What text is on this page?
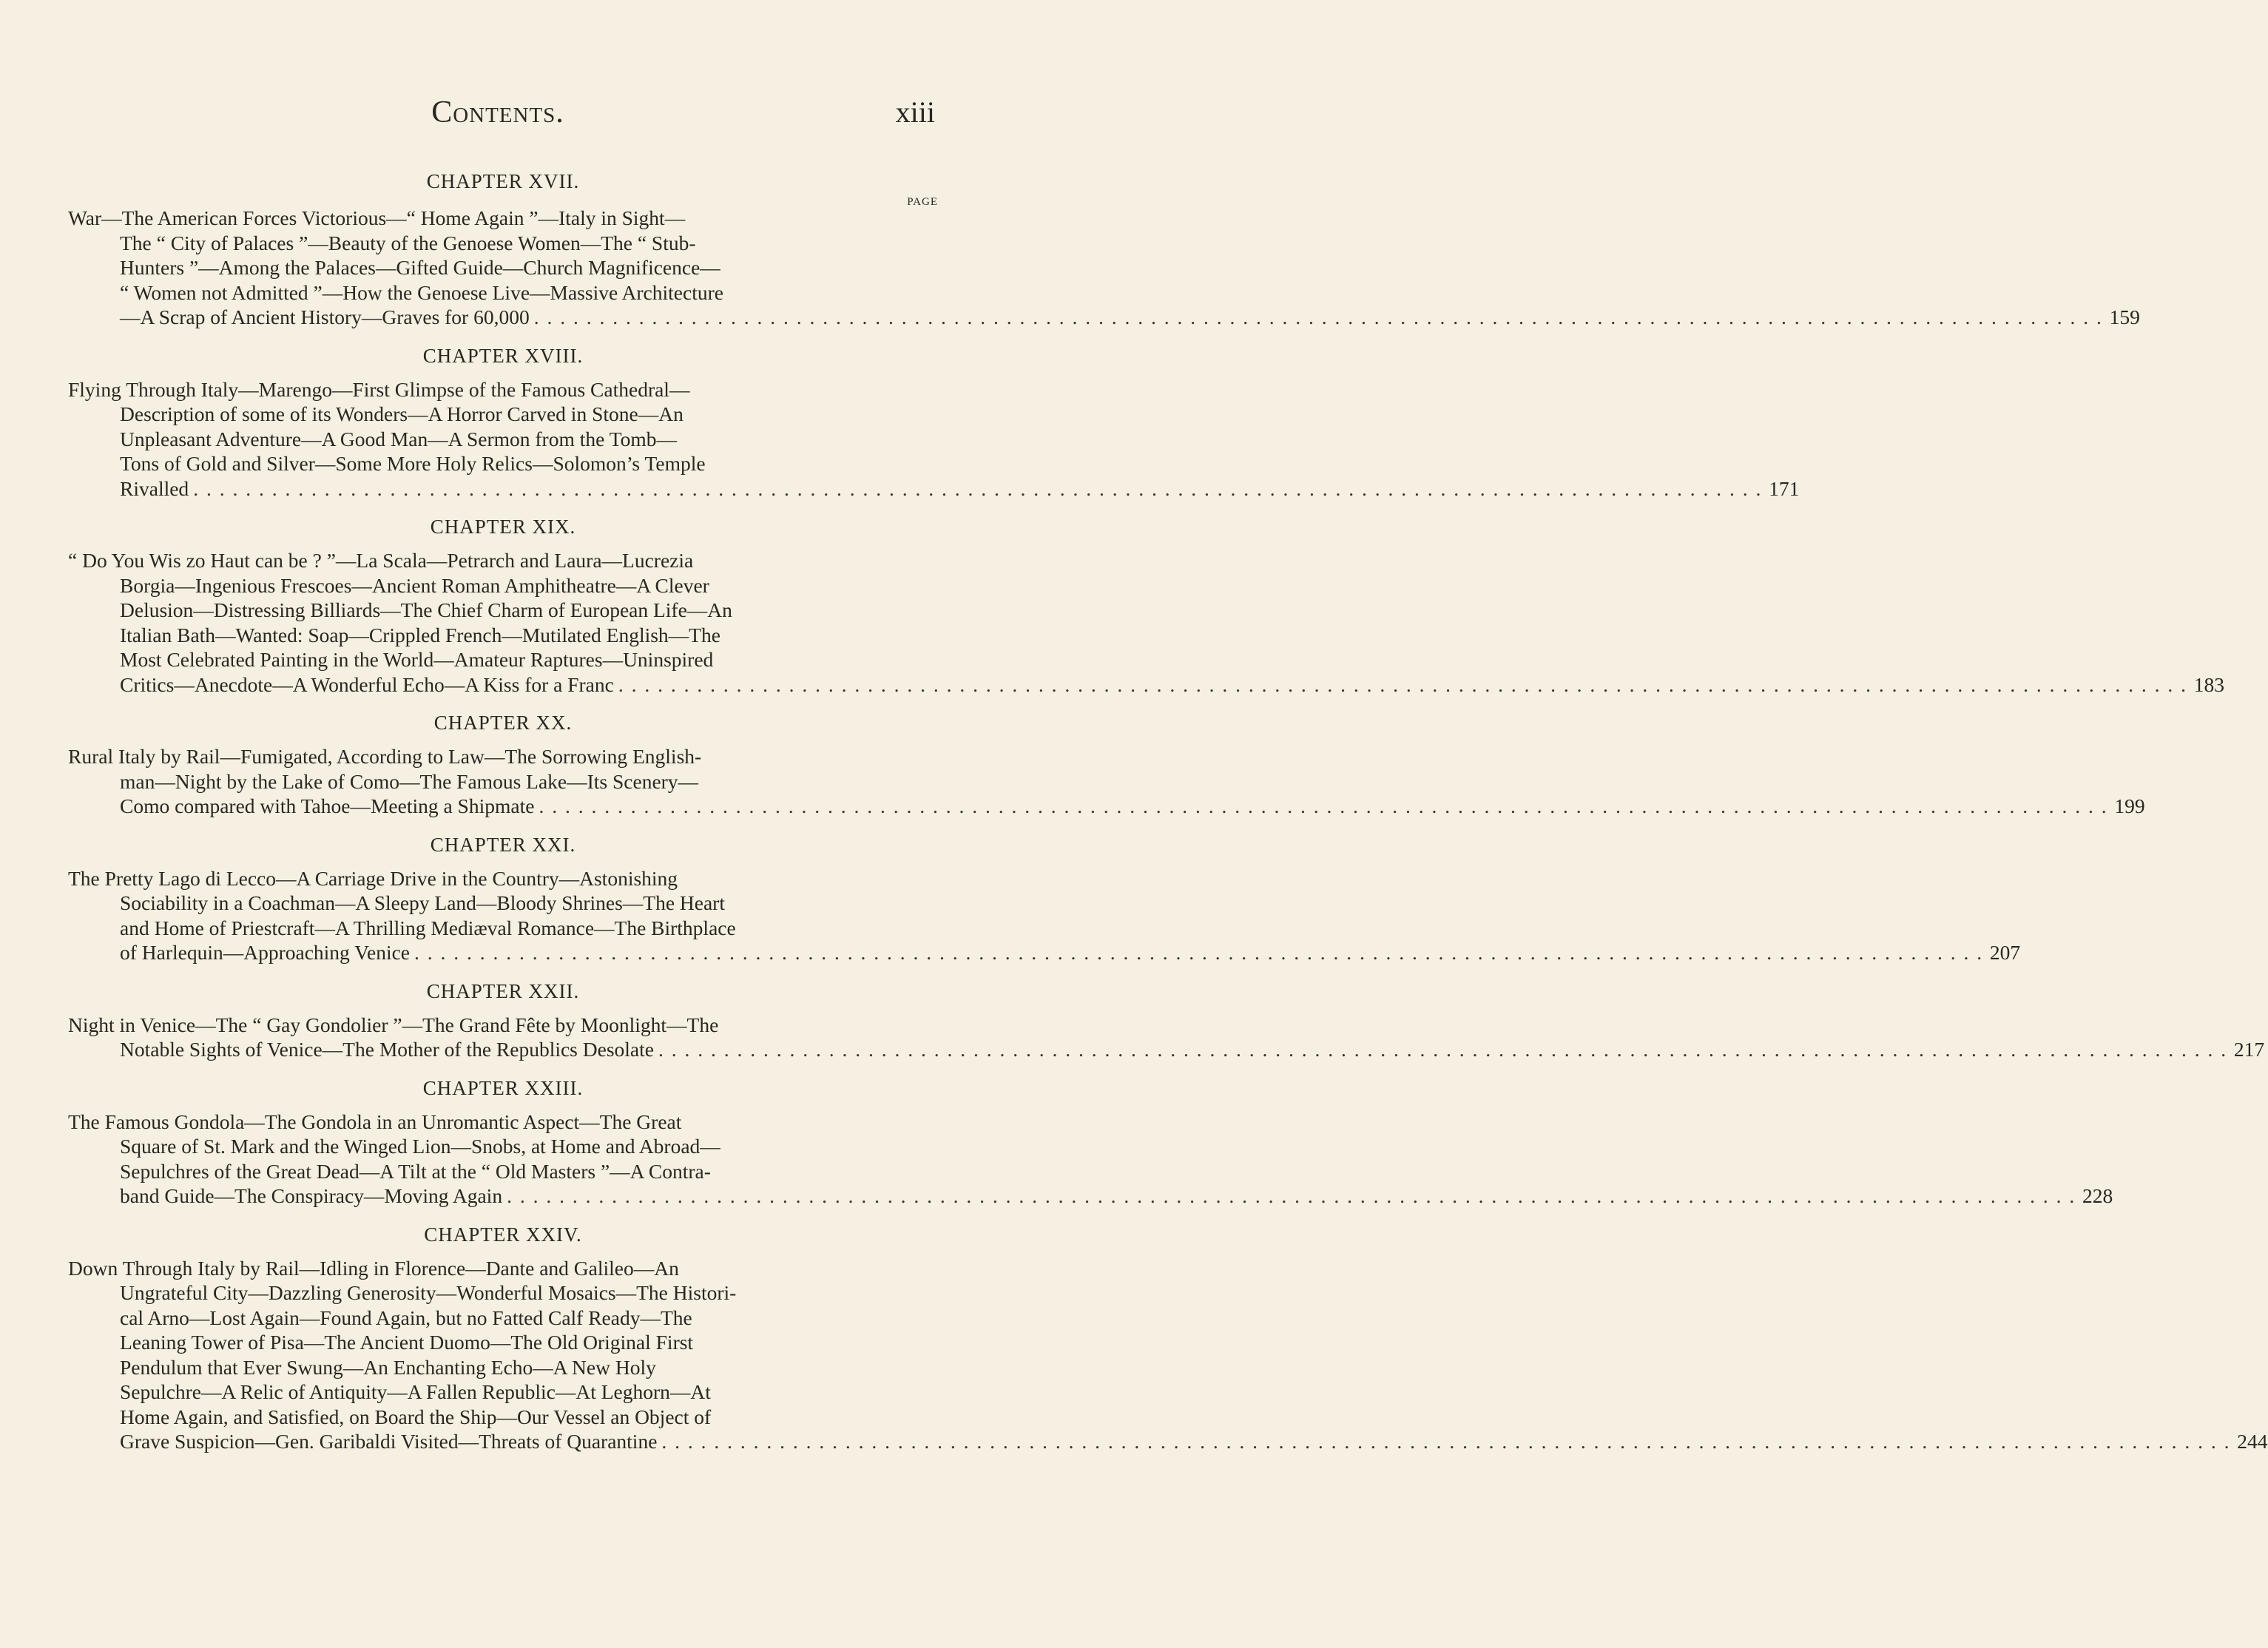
Contents.	xiii
CHAPTER XVII.
PAGE
War—The American Forces Victorious—“ Home Again ”—Italy in Sight—
The “ City of Palaces ”—Beauty of the Genoese Women—The “ Stub-
Hunters ”—Among the Palaces—Gifted Guide—Church Magnificence—
“ Women not Admitted ”—How the Genoese Live—Massive Architecture
—A Scrap of Ancient History—Graves for 60,000 . . . . . . . . . . . . . . . . . . . . . . . . . . . . . . . . . . . . . . . . . . . . . . . . . . . . . . . . . . . . . . . . . . . . . . . . . . . . . . . . . . . . . . . . . . . . . . . . . . . . . . . . . . . . . . . . . . . . . . . . 159
CHAPTER XVIII.
Flying Through Italy—Marengo—First Glimpse of the Famous Cathedral—
Description of some of its Wonders—A Horror Carved in Stone—An
Unpleasant Adventure—A Good Man—A Sermon from the Tomb—
Tons of Gold and Silver—Some More Holy Relics—Solomon’s Temple
Rivalled . . . . . . . . . . . . . . . . . . . . . . . . . . . . . . . . . . . . . . . . . . . . . . . . . . . . . . . . . . . . . . . . . . . . . . . . . . . . . . . . . . . . . . . . . . . . . . . . . . . . . . . . . . . . . . . . . . . . . . . . 171
CHAPTER XIX.
“ Do You Wis zo Haut can be ? ”—La Scala—Petrarch and Laura—Lucrezia
Borgia—Ingenious Frescoes—Ancient Roman Amphitheatre—A Clever
Delusion—Distressing Billiards—The Chief Charm of European Life—An
Italian Bath—Wanted: Soap—Crippled French—Mutilated English—The
Most Celebrated Painting in the World—Amateur Raptures—Uninspired
Critics—Anecdote—A Wonderful Echo—A Kiss for a Franc . . . . . . . . . . . . . . . . . . . . . . . . . . . . . . . . . . . . . . . . . . . . . . . . . . . . . . . . . . . . . . . . . . . . . . . . . . . . . . . . . . . . . . . . . . . . . . . . . . . . . . . . . . . . . . . . . . . . . . . . 183
CHAPTER XX.
Rural Italy by Rail—Fumigated, According to Law—The Sorrowing English-
man—Night by the Lake of Como—The Famous Lake—Its Scenery—
Como compared with Tahoe—Meeting a Shipmate . . . . . . . . . . . . . . . . . . . . . . . . . . . . . . . . . . . . . . . . . . . . . . . . . . . . . . . . . . . . . . . . . . . . . . . . . . . . . . . . . . . . . . . . . . . . . . . . . . . . . . . . . . . . . . . . . . . . . . . . 199
CHAPTER XXI.
The Pretty Lago di Lecco—A Carriage Drive in the Country—Astonishing
Sociability in a Coachman—A Sleepy Land—Bloody Shrines—The Heart
and Home of Priestcraft—A Thrilling Mediæval Romance—The Birthplace
of Harlequin—Approaching Venice . . . . . . . . . . . . . . . . . . . . . . . . . . . . . . . . . . . . . . . . . . . . . . . . . . . . . . . . . . . . . . . . . . . . . . . . . . . . . . . . . . . . . . . . . . . . . . . . . . . . . . . . . . . . . . . . . . . . . . . . 207
CHAPTER XXII.
Night in Venice—The “ Gay Gondolier ”—The Grand Fête by Moonlight—The
Notable Sights of Venice—The Mother of the Republics Desolate . . . . . . . . . . . . . . . . . . . . . . . . . . . . . . . . . . . . . . . . . . . . . . . . . . . . . . . . . . . . . . . . . . . . . . . . . . . . . . . . . . . . . . . . . . . . . . . . . . . . . . . . . . . . . . . . . . . . . . . . 217
CHAPTER XXIII.
The Famous Gondola—The Gondola in an Unromantic Aspect—The Great
Square of St. Mark and the Winged Lion—Snobs, at Home and Abroad—
Sepulchres of the Great Dead—A Tilt at the “ Old Masters ”—A Contra-
band Guide—The Conspiracy—Moving Again . . . . . . . . . . . . . . . . . . . . . . . . . . . . . . . . . . . . . . . . . . . . . . . . . . . . . . . . . . . . . . . . . . . . . . . . . . . . . . . . . . . . . . . . . . . . . . . . . . . . . . . . . . . . . . . . . . . . . . . . 228
CHAPTER XXIV.
Down Through Italy by Rail—Idling in Florence—Dante and Galileo—An
Ungrateful City—Dazzling Generosity—Wonderful Mosaics—The Histori-
cal Arno—Lost Again—Found Again, but no Fatted Calf Ready—The
Leaning Tower of Pisa—The Ancient Duomo—The Old Original First
Pendulum that Ever Swung—An Enchanting Echo—A New Holy
Sepulchre—A Relic of Antiquity—A Fallen Republic—At Leghorn—At
Home Again, and Satisfied, on Board the Ship—Our Vessel an Object of
Grave Suspicion—Gen. Garibaldi Visited—Threats of Quarantine . . . . . . . . . . . . . . . . . . . . . . . . . . . . . . . . . . . . . . . . . . . . . . . . . . . . . . . . . . . . . . . . . . . . . . . . . . . . . . . . . . . . . . . . . . . . . . . . . . . . . . . . . . . . . . . . . . . . . . . . 244
